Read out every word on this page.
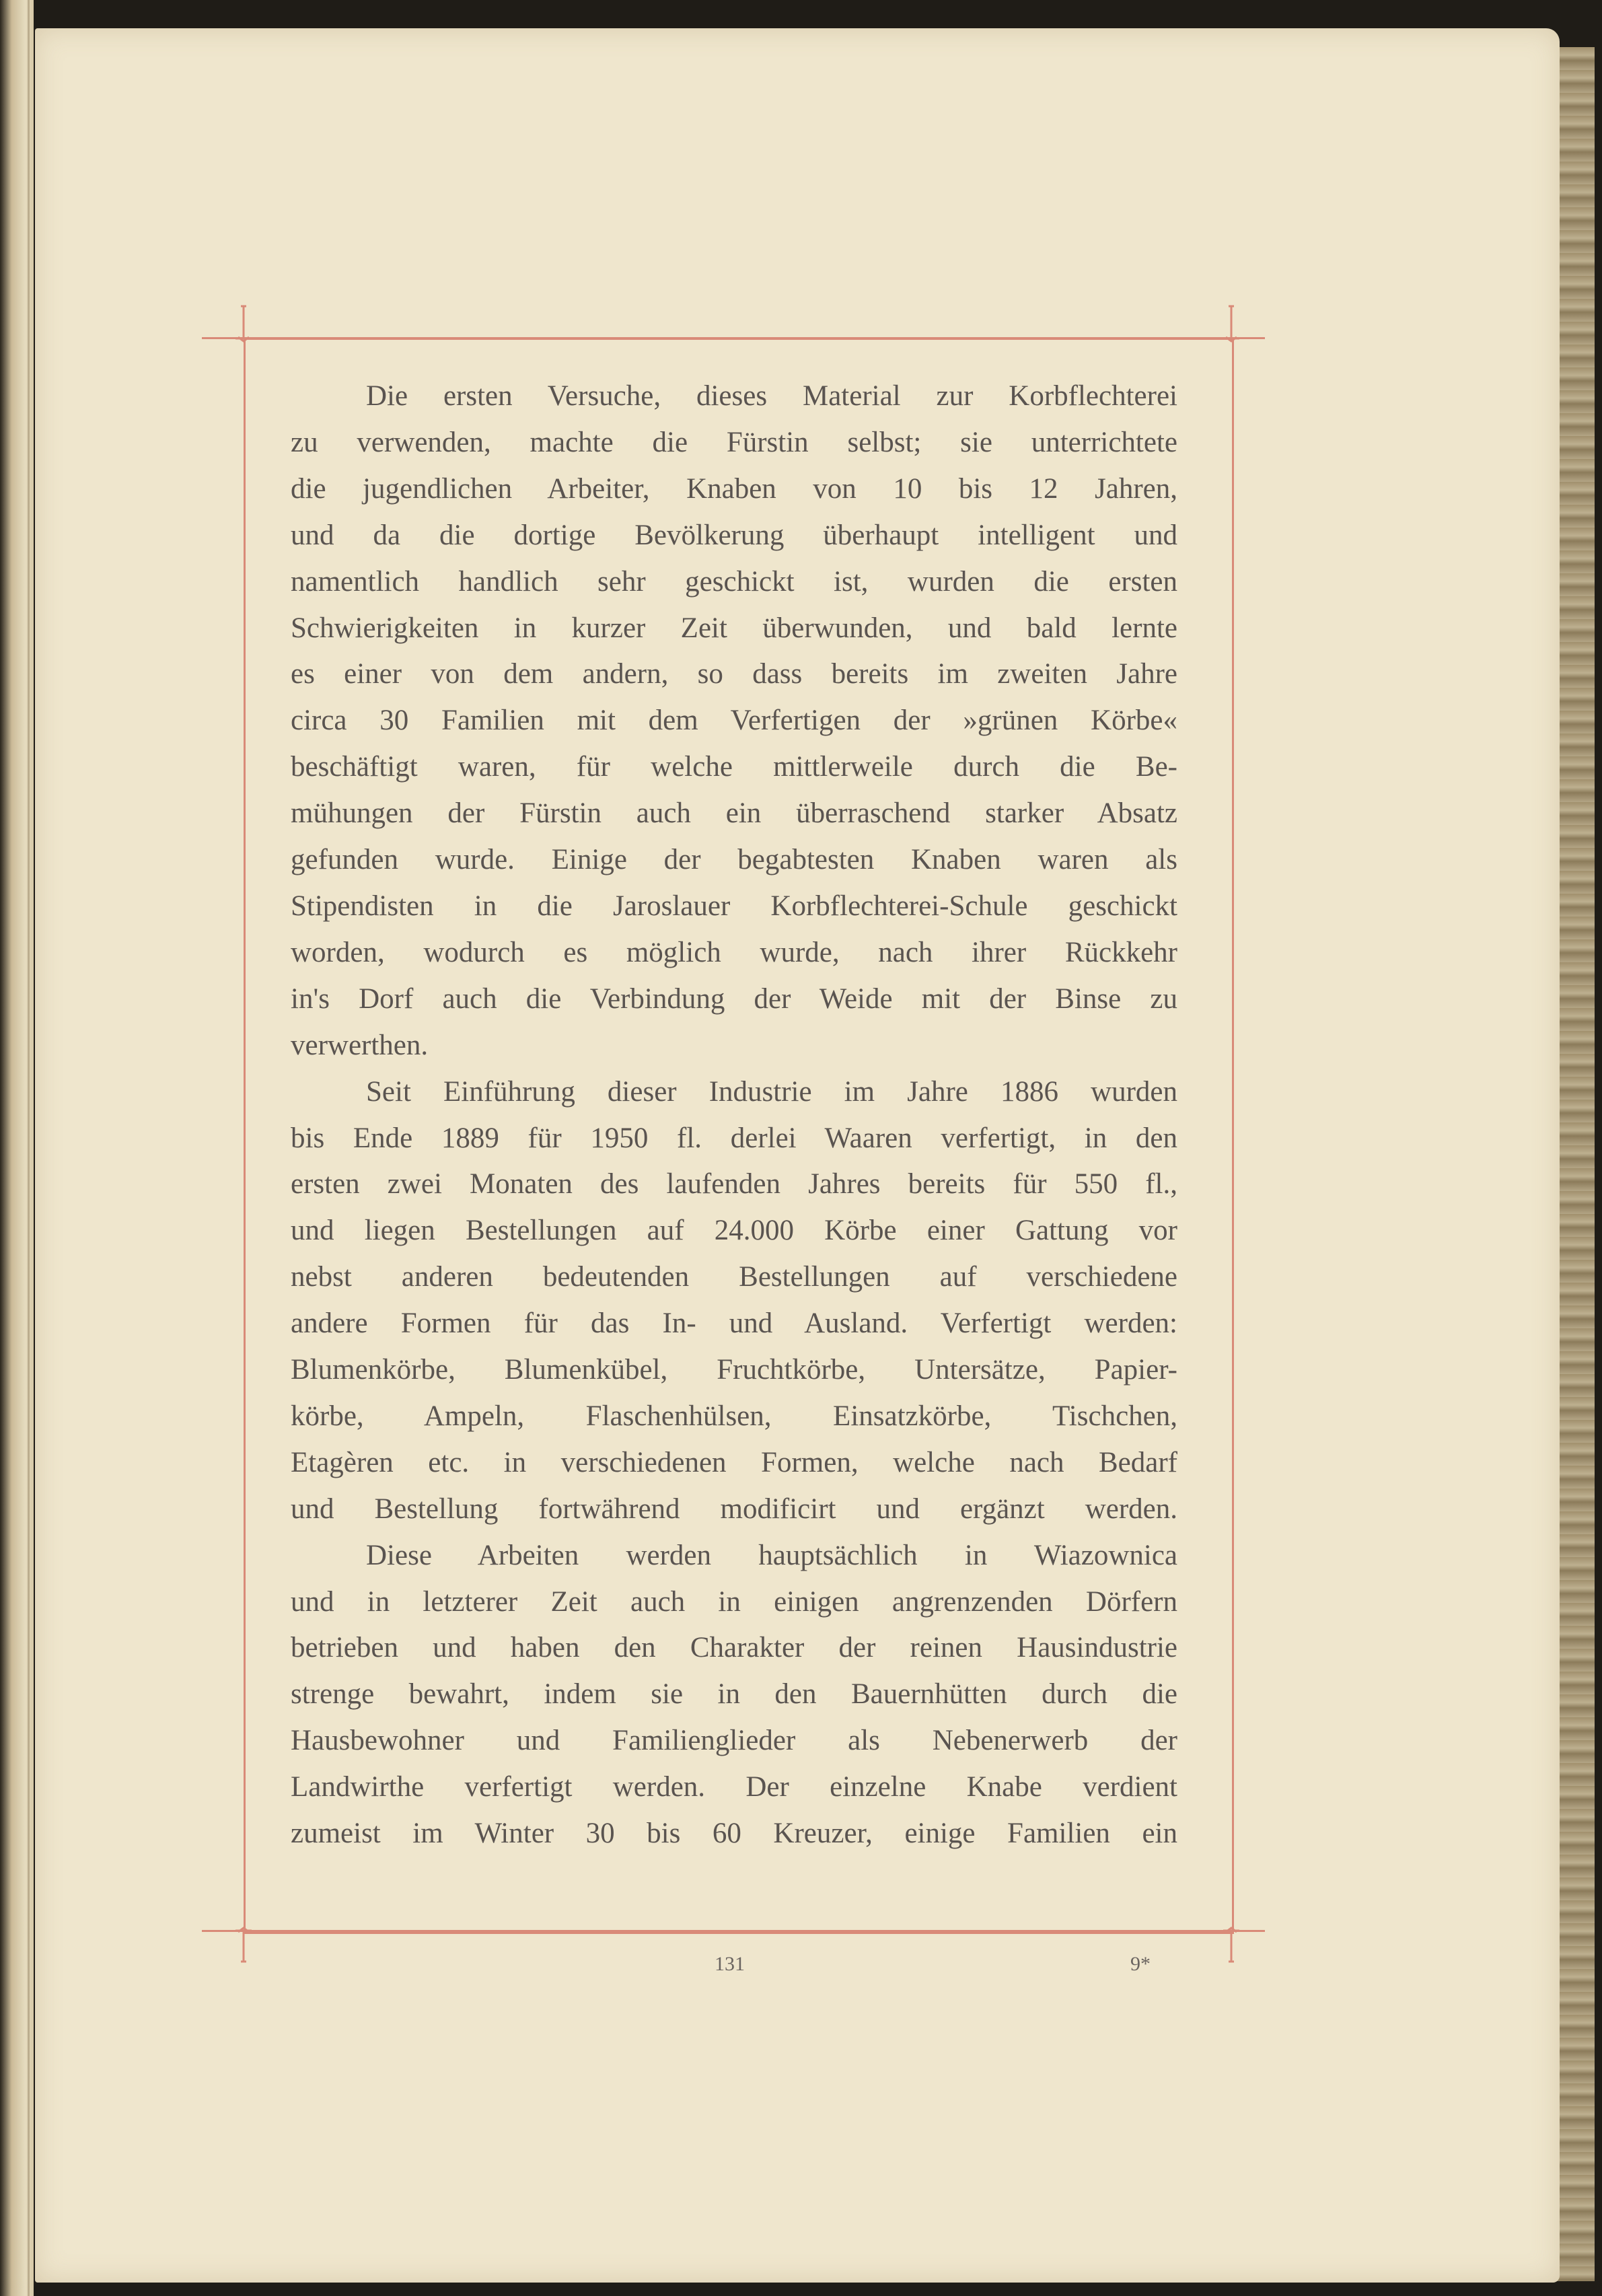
Die ersten Versuche, dieses Material zur Korbflechterei
zu verwenden, machte die Fürstin selbst; sie unterrichtete
die jugendlichen Arbeiter, Knaben von 10 bis 12 Jahren,
und da die dortige Bevölkerung überhaupt intelligent und
namentlich handlich sehr geschickt ist, wurden die ersten
Schwierigkeiten in kurzer Zeit überwunden, und bald lernte
es einer von dem andern, so dass bereits im zweiten Jahre
circa 30 Familien mit dem Verfertigen der »grünen Körbe«
beschäftigt waren, für welche mittlerweile durch die Be-
mühungen der Fürstin auch ein überraschend starker Absatz
gefunden wurde. Einige der begabtesten Knaben waren als
Stipendisten in die Jaroslauer Korbflechterei-Schule geschickt
worden, wodurch es möglich wurde, nach ihrer Rückkehr
in's Dorf auch die Verbindung der Weide mit der Binse zu
verwerthen.
Seit Einführung dieser Industrie im Jahre 1886 wurden
bis Ende 1889 für 1950 fl. derlei Waaren verfertigt, in den
ersten zwei Monaten des laufenden Jahres bereits für 550 fl.,
und liegen Bestellungen auf 24.000 Körbe einer Gattung vor
nebst anderen bedeutenden Bestellungen auf verschiedene
andere Formen für das In- und Ausland. Verfertigt werden:
Blumenkörbe, Blumenkübel, Fruchtkörbe, Untersätze, Papier-
körbe, Ampeln, Flaschenhülsen, Einsatzkörbe, Tischchen,
Etagèren etc. in verschiedenen Formen, welche nach Bedarf
und Bestellung fortwährend modificirt und ergänzt werden.
Diese Arbeiten werden hauptsächlich in Wiazownica
und in letzterer Zeit auch in einigen angrenzenden Dörfern
betrieben und haben den Charakter der reinen Hausindustrie
strenge bewahrt, indem sie in den Bauernhütten durch die
Hausbewohner und Familienglieder als Nebenerwerb der
Landwirthe verfertigt werden. Der einzelne Knabe verdient
zumeist im Winter 30 bis 60 Kreuzer, einige Familien ein
131	9*
